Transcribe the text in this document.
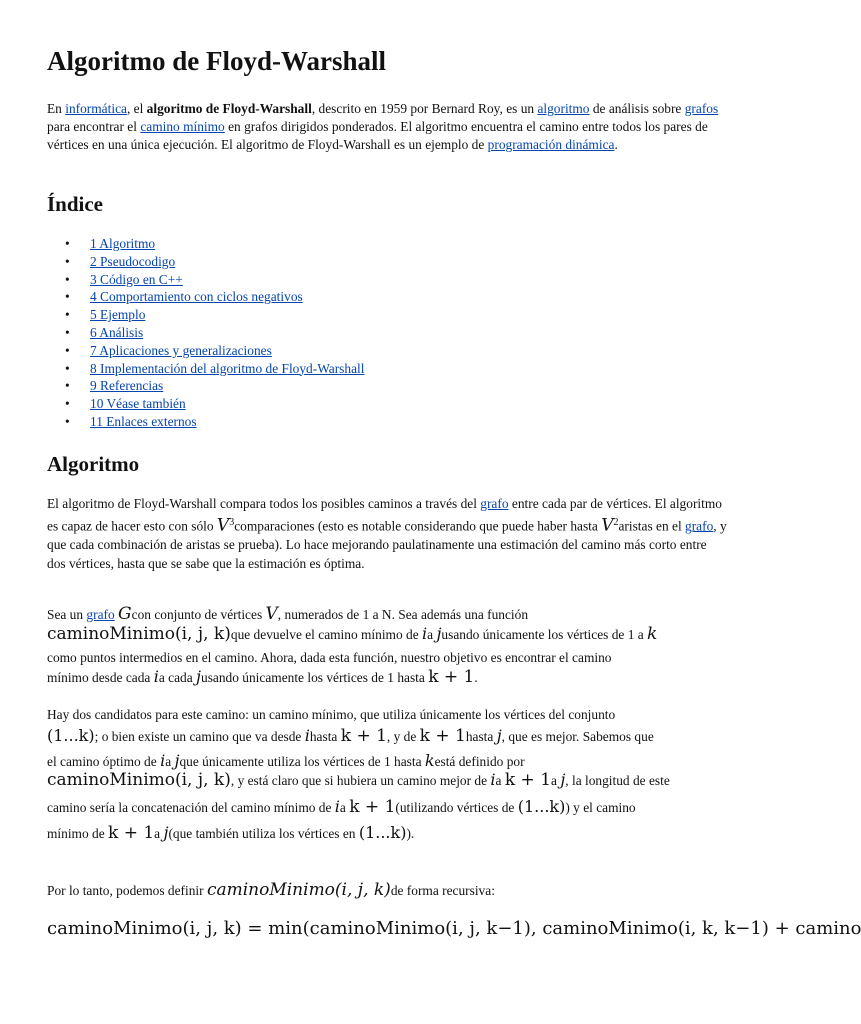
Algoritmo de Floyd-Warshall

En informática, el algoritmo de Floyd-Warshall, descrito en 1959 por Bernard Roy, es un algoritmo de análisis sobre grafos para encontrar el camino mínimo en grafos dirigidos ponderados. El algoritmo encuentra el camino entre todos los pares de vértices en una única ejecución. El algoritmo de Floyd-Warshall es un ejemplo de programación dinámica.

Índice
• 1 Algoritmo
• 2 Pseudocodigo
• 3 Código en C++
• 4 Comportamiento con ciclos negativos
• 5 Ejemplo
• 6 Análisis
• 7 Aplicaciones y generalizaciones
• 8 Implementación del algoritmo de Floyd-Warshall
• 9 Referencias
• 10 Véase también
• 11 Enlaces externos
Algoritmo

El algoritmo de Floyd-Warshall compara todos los posibles caminos a través del grafo entre cada par de vértices. El algoritmo es capaz de hacer esto con sólo $V^3comparaciones$ (esto es notable considerando que puede haber hasta $V^2aristas$ en el grafo, y que cada combinación de aristas se prueba). Lo hace mejorando paulatinamente una estimación del camino más corto entre dos vértices, hasta que se sabe que la estimación es óptima.

Sea un grafo Gcon conjunto de vértices V, numerados de 1 a N. Sea además una función
caminoMinimo(i, j, k)que devuelve el camino mínimo de ia jusando únicamente los vértices de 1 a k
como puntos intermedios en el camino. Ahora, dada esta función, nuestro objetivo es encontrar el camino
mínimo desde cada ia cada jusando únicamente los vértices de 1 hasta k + 1.
Hay dos candidatos para este camino: un camino mínimo, que utiliza únicamente los vértices del conjunto
(1...k); o bien existe un camino que va desde ihasta k + 1, y de k + 1hasta j, que es mejor. Sabemos que
el camino óptimo de ia jque únicamente utiliza los vértices de 1 hasta kestá definido por
caminoMinimo(i, j, k), y está claro que si hubiera un camino mejor de ia k + 1a j, la longitud de este
camino sería la concatenación del camino mínimo de ia k + 1(utilizando vértices de (1...k)) y el camino
mínimo de k + 1a j(que también utiliza los vértices en (1...k)).
Por lo tanto, podemos definir caminoMinimo(i, j, k)de forma recursiva:
caminoMinimo(i, j, k) = min(caminoMinimo(i, j, k−1), caminoMinimo(i, k, k−1) + camino
